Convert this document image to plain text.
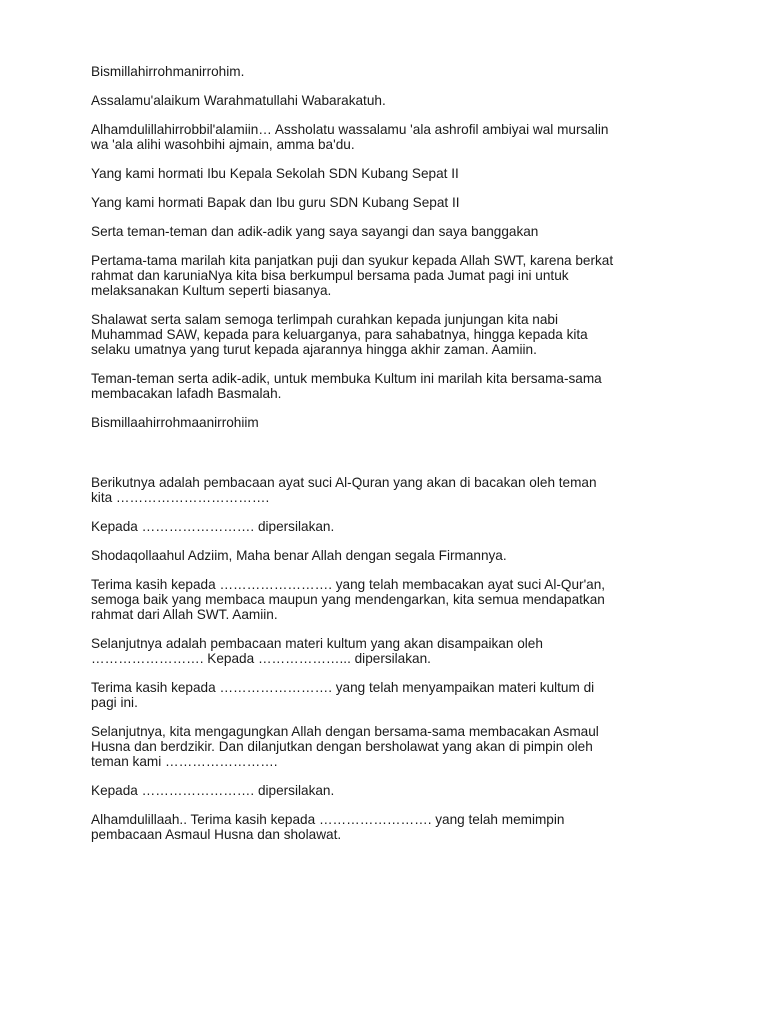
Bismillahirrohmanirrohim.

Assalamu'alaikum Warahmatullahi Wabarakatuh.

Alhamdulillahirrobbil'alamiin… Assholatu wassalamu 'ala ashrofil ambiyai wal mursalin
wa 'ala alihi wasohbihi ajmain, amma ba'du.

Yang kami hormati Ibu Kepala Sekolah SDN Kubang Sepat II

Yang kami hormati Bapak dan Ibu guru SDN Kubang Sepat II

Serta teman-teman dan adik-adik yang saya sayangi dan saya banggakan

Pertama-tama marilah kita panjatkan puji dan syukur kepada Allah SWT, karena berkat
rahmat dan karuniaNya kita bisa berkumpul bersama pada Jumat pagi ini untuk
melaksanakan Kultum seperti biasanya.

Shalawat serta salam semoga terlimpah curahkan kepada junjungan kita nabi
Muhammad SAW, kepada para keluarganya, para sahabatnya, hingga kepada kita
selaku umatnya yang turut kepada ajarannya hingga akhir zaman. Aamiin.

Teman-teman serta adik-adik, untuk membuka Kultum ini marilah kita bersama-sama
membacakan lafadh Basmalah.

Bismillaahirrohmaanirrohiim

Berikutnya adalah pembacaan ayat suci Al-Quran yang akan di bacakan oleh teman
kita …………………………….

Kepada ……………………. dipersilakan.

Shodaqollaahul Adziim, Maha benar Allah dengan segala Firmannya.

Terima kasih kepada ……………………. yang telah membacakan ayat suci Al-Qur'an,
semoga baik yang membaca maupun yang mendengarkan, kita semua mendapatkan
rahmat dari Allah SWT. Aamiin.

Selanjutnya adalah pembacaan materi kultum yang akan disampaikan oleh
……………………. Kepada ………………... dipersilakan.

Terima kasih kepada ……………………. yang telah menyampaikan materi kultum di
pagi ini.

Selanjutnya, kita mengagungkan Allah dengan bersama-sama membacakan Asmaul
Husna dan berdzikir. Dan dilanjutkan dengan bersholawat yang akan di pimpin oleh
teman kami …………………….

Kepada ……………………. dipersilakan.

Alhamdulillaah.. Terima kasih kepada ……………………. yang telah memimpin
pembacaan Asmaul Husna dan sholawat.
